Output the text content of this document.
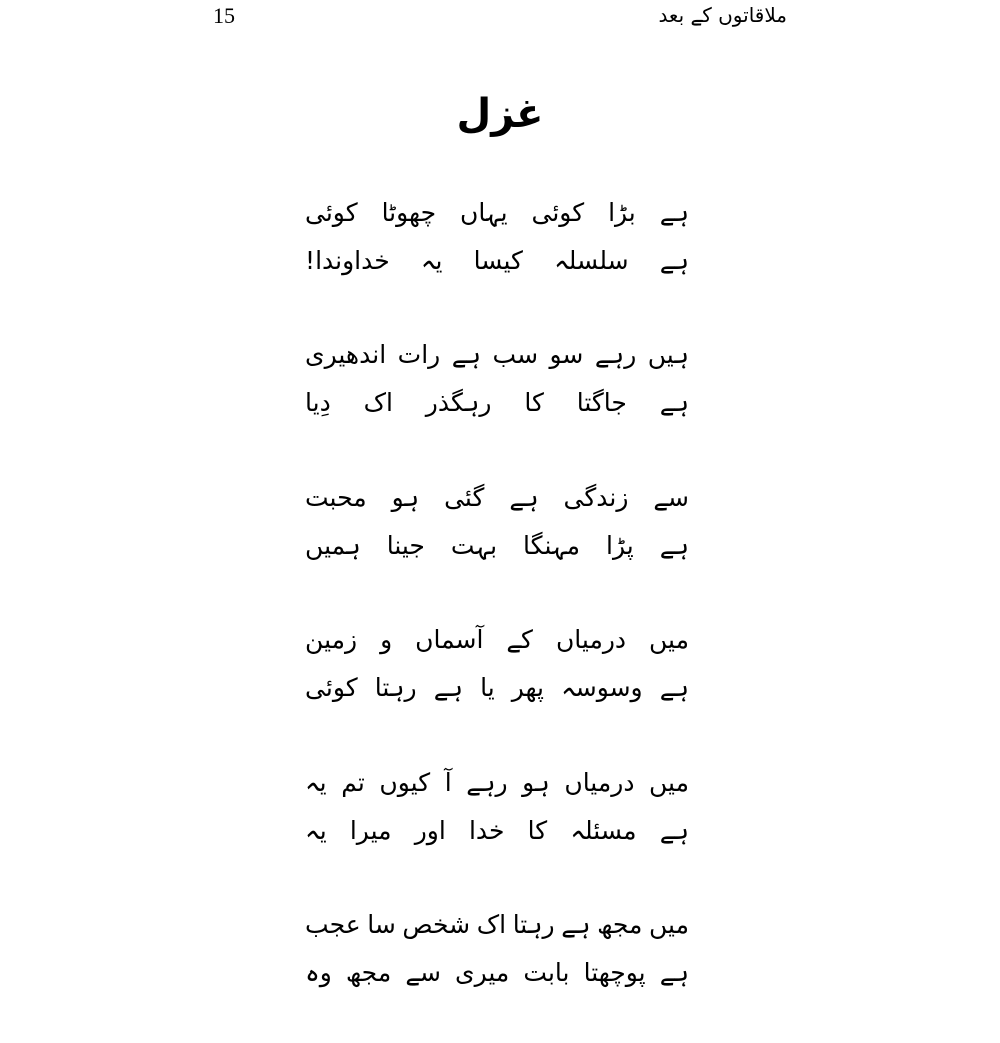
15	ملاقاتوں کے بعد
غزل
کوئی چھوٹا یہاں کوئی بڑا ہے
خداوندا! یہ کیسا سلسلہ ہے
اندھیری رات ہے سب سو رہے ہیں
دِیا اک رہگذر کا جاگتا ہے
محبت ہو گئی ہے زندگی سے
ہمیں جینا بہت مہنگا پڑا ہے
زمین و آسماں کے درمیاں میں
کوئی رہتا ہے یا پھر وسوسہ ہے
یہ تم کیوں آ رہے ہو درمیاں میں
یہ میرا اور خدا کا مسئلہ ہے
عجب سا شخص اک رہتا ہے مجھ میں
وہ مجھ سے میری بابت پوچھتا ہے
